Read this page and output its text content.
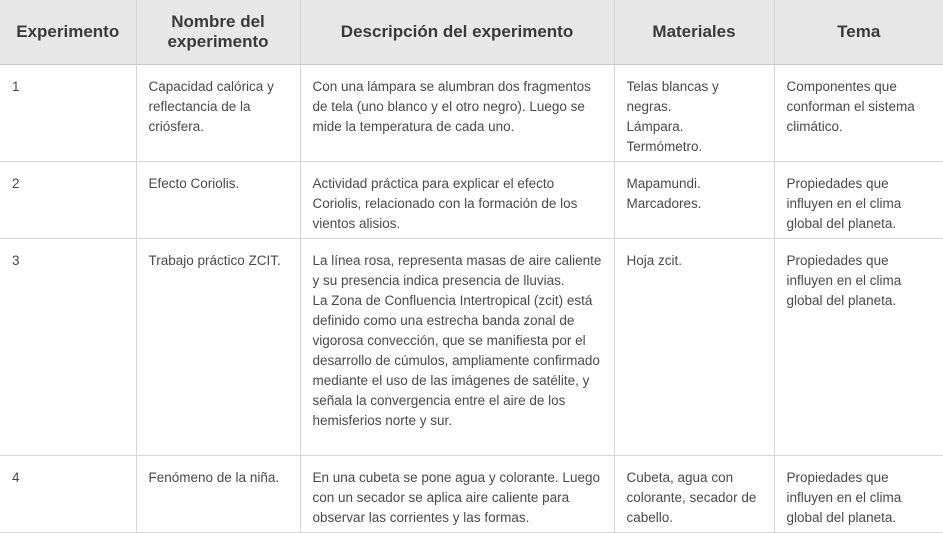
Experimento	Nombre del experimento	Descripción del experimento	Materiales	Tema
1	Capacidad calórica y reflectancia de la criósfera.	Con una lámpara se alumbran dos fragmentos de tela (uno blanco y el otro negro). Luego se mide la temperatura de cada uno.	Telas blancas y negras.
Lámpara.
Termómetro.	Componentes que conforman el sistema climático.
2	Efecto Coriolis.	Actividad práctica para explicar el efecto Coriolis, relacionado con la formación de los vientos alisios.	Mapamundi.
Marcadores.	Propiedades que influyen en el clima global del planeta.
3	Trabajo práctico ZCIT.	La línea rosa, representa masas de aire caliente y su presencia indica presencia de lluvias.
La Zona de Confluencia Intertropical (zcit) está definido como una estrecha banda zonal de vigorosa convección, que se manifiesta por el desarrollo de cúmulos, ampliamente confirmado mediante el uso de las imágenes de satélite, y señala la convergencia entre el aire de los hemisferios norte y sur.	Hoja zcit.	Propiedades que influyen en el clima global del planeta.
4	Fenómeno de la niña.	En una cubeta se pone agua y colorante. Luego con un secador se aplica aire caliente para observar las corrientes y las formas.	Cubeta, agua con colorante, secador de cabello.	Propiedades que influyen en el clima global del planeta.
